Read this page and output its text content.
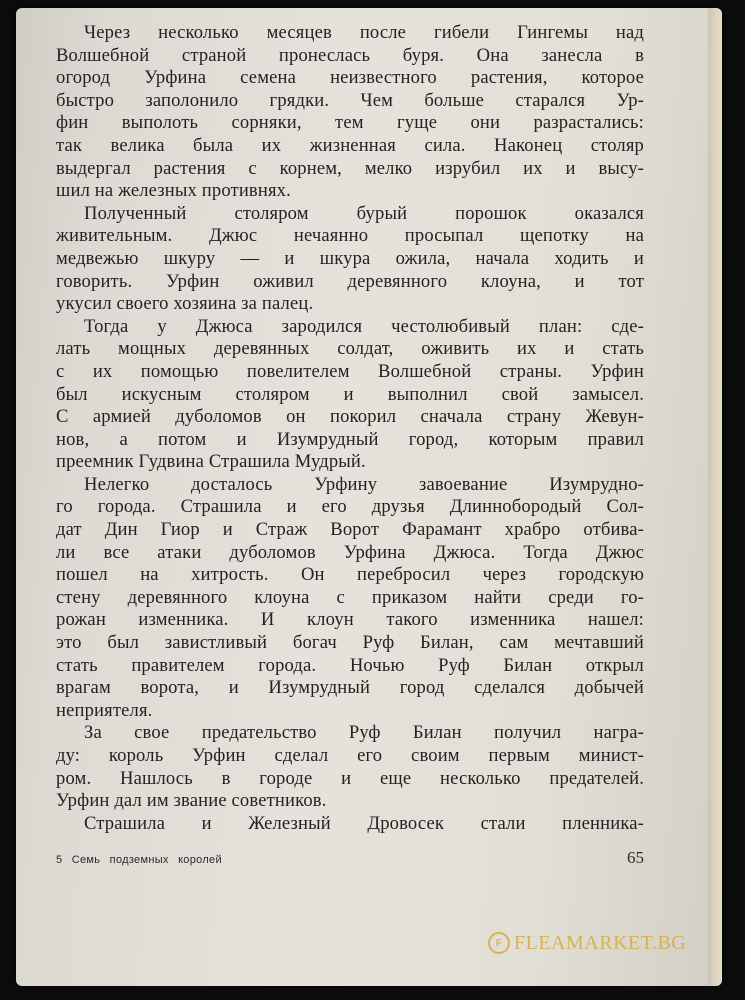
Через несколько месяцев после гибели Гингемы над
Волшебной страной пронеслась буря. Она занесла в
огород Урфина семена неизвестного растения, которое
быстро заполонило грядки. Чем больше старался Ур-
фин выполоть сорняки, тем гуще они разрастались:
так велика была их жизненная сила. Наконец столяр
выдергал растения с корнем, мелко изрубил их и высу-
шил на железных противнях.
Полученный столяром бурый порошок оказался
живительным. Джюс нечаянно просыпал щепотку на
медвежью шкуру — и шкура ожила, начала ходить и
говорить. Урфин оживил деревянного клоуна, и тот
укусил своего хозяина за палец.
Тогда у Джюса зародился честолюбивый план: сде-
лать мощных деревянных солдат, оживить их и стать
с их помощью повелителем Волшебной страны. Урфин
был искусным столяром и выполнил свой замысел.
С армией дуболомов он покорил сначала страну Жевун-
нов, а потом и Изумрудный город, которым правил
преемник Гудвина Страшила Мудрый.
Нелегко досталось Урфину завоевание Изумрудно-
го города. Страшила и его друзья Длиннобородый Сол-
дат Дин Гиор и Страж Ворот Фарамант храбро отбива-
ли все атаки дуболомов Урфина Джюса. Тогда Джюс
пошел на хитрость. Он перебросил через городскую
стену деревянного клоуна с приказом найти среди го-
рожан изменника. И клоун такого изменника нашел:
это был завистливый богач Руф Билан, сам мечтавший
стать правителем города. Ночью Руф Билан открыл
врагам ворота, и Изумрудный город сделался добычей
неприятеля.
За свое предательство Руф Билан получил награ-
ду: король Урфин сделал его своим первым минист-
ром. Нашлось в городе и еще несколько предателей.
Урфин дал им звание советников.
Страшила и Железный Дровосек стали пленника-
5 Семь подземных королей	65
F FLEAMARKET.BG
